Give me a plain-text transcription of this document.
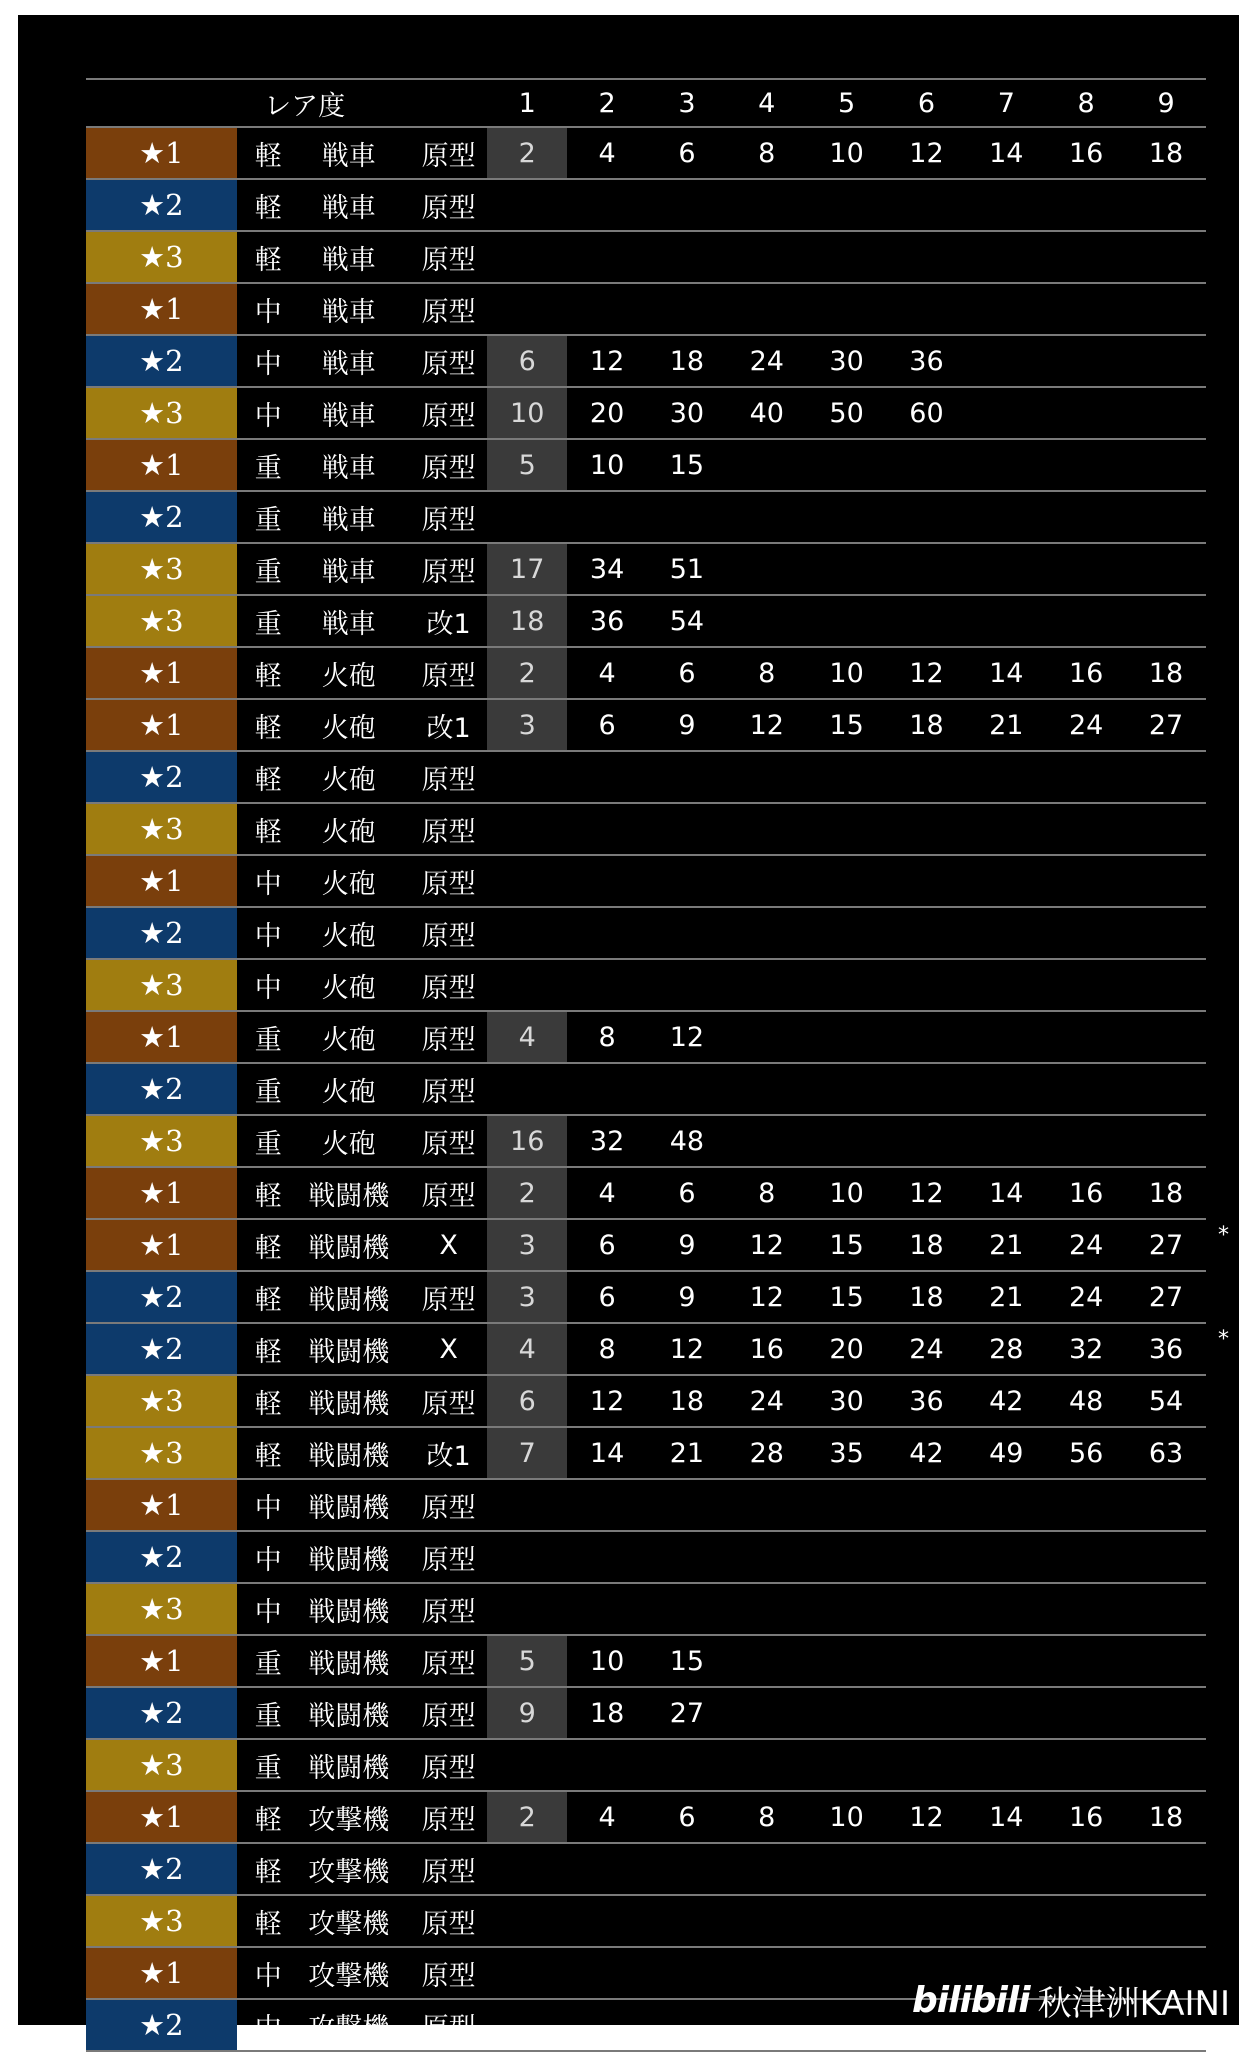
レア度				1	2	3	4	5	6	7	8	9
★1	軽	戦車	原型	2	4	6	8	10	12	14	16	18
★2	軽	戦車	原型									
★3	軽	戦車	原型									
★1	中	戦車	原型									
★2	中	戦車	原型	6	12	18	24	30	36			
★3	中	戦車	原型	10	20	30	40	50	60			
★1	重	戦車	原型	5	10	15						
★2	重	戦車	原型									
★3	重	戦車	原型	17	34	51						
★3	重	戦車	改1	18	36	54						
★1	軽	火砲	原型	2	4	6	8	10	12	14	16	18
★1	軽	火砲	改1	3	6	9	12	15	18	21	24	27
★2	軽	火砲	原型									
★3	軽	火砲	原型									
★1	中	火砲	原型									
★2	中	火砲	原型									
★3	中	火砲	原型									
★1	重	火砲	原型	4	8	12						
★2	重	火砲	原型									
★3	重	火砲	原型	16	32	48						
★1	軽	戦闘機	原型	2	4	6	8	10	12	14	16	18
★1	軽	戦闘機	X	3	6	9	12	15	18	21	24	27
★2	軽	戦闘機	原型	3	6	9	12	15	18	21	24	27
★2	軽	戦闘機	X	4	8	12	16	20	24	28	32	36
★3	軽	戦闘機	原型	6	12	18	24	30	36	42	48	54
★3	軽	戦闘機	改1	7	14	21	28	35	42	49	56	63
★1	中	戦闘機	原型									
★2	中	戦闘機	原型									
★3	中	戦闘機	原型									
★1	重	戦闘機	原型	5	10	15						
★2	重	戦闘機	原型	9	18	27						
★3	重	戦闘機	原型									
★1	軽	攻撃機	原型	2	4	6	8	10	12	14	16	18
★2	軽	攻撃機	原型									
★3	軽	攻撃機	原型									
★1	中	攻撃機	原型									
★2	中	攻撃機	原型									
*
*
bilibili 秋津洲KAINI
